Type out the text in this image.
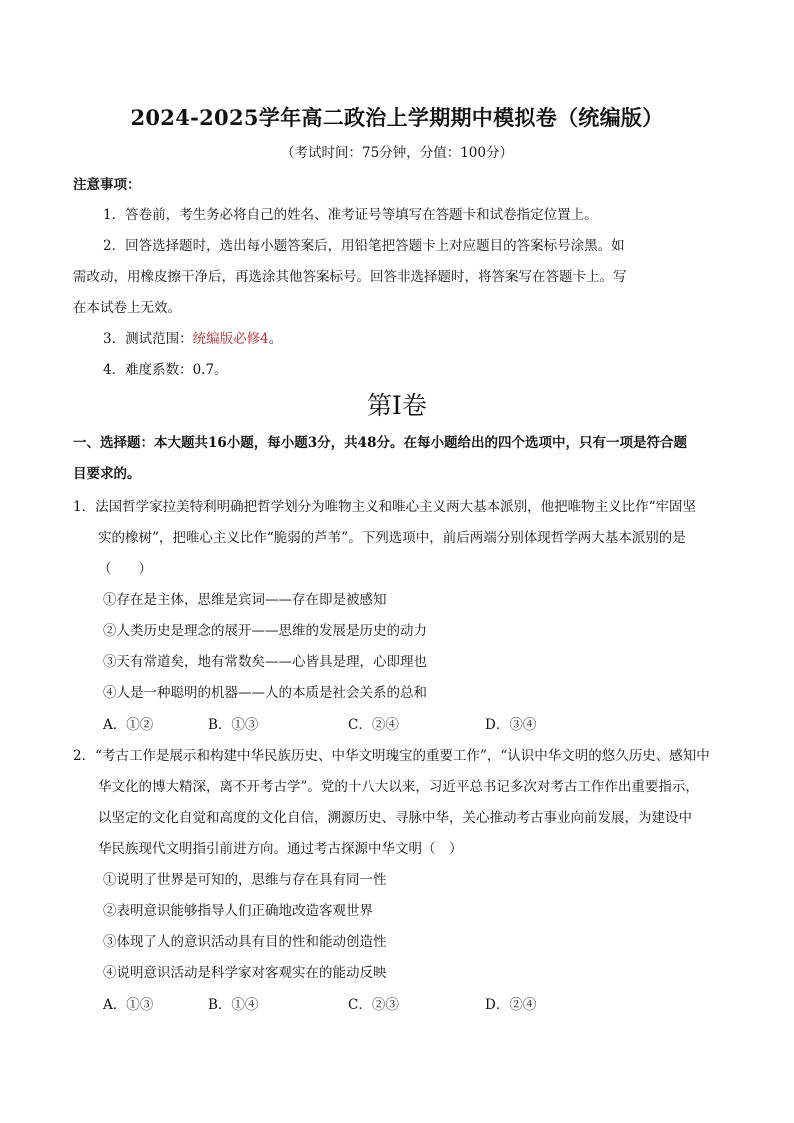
2024-2025学年高二政治上学期期中模拟卷（统编版）
（考试时间：75分钟，分值：100分）
注意事项：
1．答卷前，考生务必将自己的姓名、准考证号等填写在答题卡和试卷指定位置上。
2．回答选择题时，选出每小题答案后，用铅笔把答题卡上对应题目的答案标号涂黑。如
需改动，用橡皮擦干净后，再选涂其他答案标号。回答非选择题时，将答案写在答题卡上。写
在本试卷上无效。
3．测试范围：统编版必修4。
4．难度系数：0.7。
第Ⅰ卷
一、选择题：本大题共16小题，每小题3分，共48分。在每小题给出的四个选项中，只有一项是符合题
目要求的。
1．法国哲学家拉美特利明确把哲学划分为唯物主义和唯心主义两大基本派别，他把唯物主义比作“牢固坚
实的橡树”，把唯心主义比作“脆弱的芦苇”。下列选项中，前后两端分别体现哲学两大基本派别的是
（　　）
①存在是主体，思维是宾词——存在即是被感知
②人类历史是理念的展开——思维的发展是历史的动力
③天有常道矣，地有常数矣——心皆具是理，心即理也
④人是一种聪明的机器——人的本质是社会关系的总和
A．①②	B．①③	C．②④	D．③④
2．“考古工作是展示和构建中华民族历史、中华文明瑰宝的重要工作”，“认识中华文明的悠久历史、感知中
华文化的博大精深，离不开考古学”。党的十八大以来，习近平总书记多次对考古工作作出重要指示，
以坚定的文化自觉和高度的文化自信，溯源历史、寻脉中华，关心推动考古事业向前发展，为建设中
华民族现代文明指引前进方向。通过考古探源中华文明（　）
①说明了世界是可知的，思维与存在具有同一性
②表明意识能够指导人们正确地改造客观世界
③体现了人的意识活动具有目的性和能动创造性
④说明意识活动是科学家对客观实在的能动反映
A．①③	B．①④	C．②③	D．②④
